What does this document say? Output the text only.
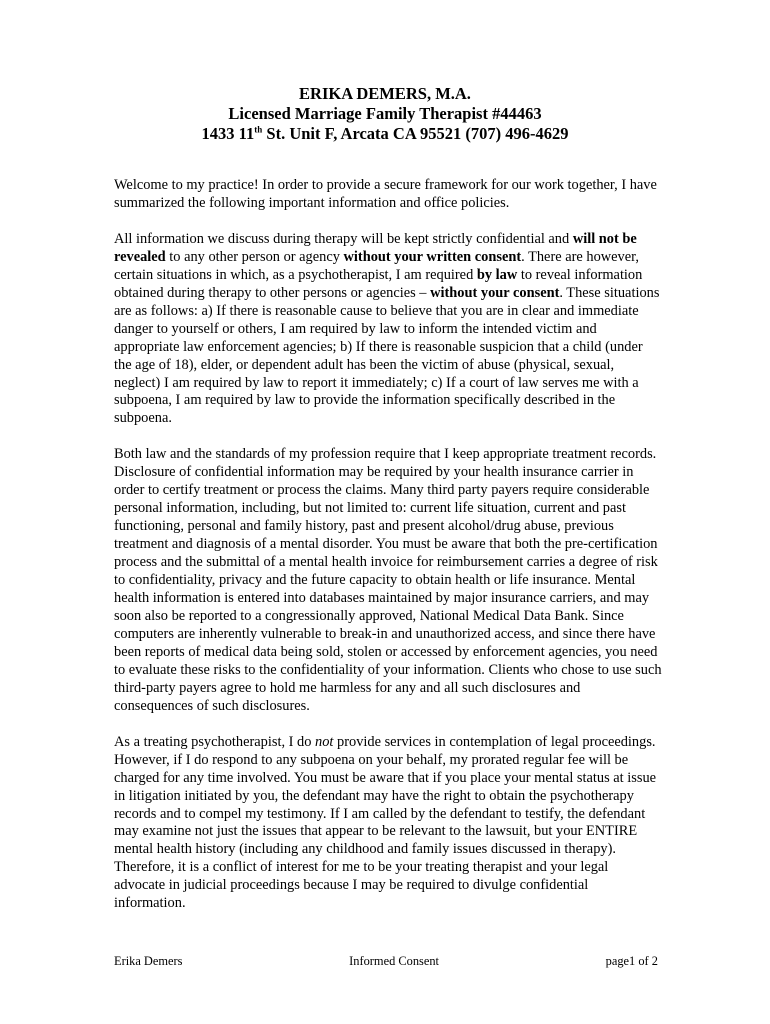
ERIKA DEMERS, M.A.
Licensed Marriage Family Therapist #44463
1433 11th St. Unit F, Arcata CA 95521 (707) 496-4629

Welcome to my practice! In order to provide a secure framework for our work together, I have summarized the following important information and office policies.

All information we discuss during therapy will be kept strictly confidential and will not be revealed to any other person or agency without your written consent. There are however, certain situations in which, as a psychotherapist, I am required by law to reveal information obtained during therapy to other persons or agencies – without your consent. These situations are as follows: a) If there is reasonable cause to believe that you are in clear and immediate danger to yourself or others, I am required by law to inform the intended victim and appropriate law enforcement agencies; b) If there is reasonable suspicion that a child (under the age of 18), elder, or dependent adult has been the victim of abuse (physical, sexual, neglect) I am required by law to report it immediately; c) If a court of law serves me with a subpoena, I am required by law to provide the information specifically described in the subpoena.

Both law and the standards of my profession require that I keep appropriate treatment records. Disclosure of confidential information may be required by your health insurance carrier in order to certify treatment or process the claims. Many third party payers require considerable personal information, including, but not limited to: current life situation, current and past functioning, personal and family history, past and present alcohol/drug abuse, previous treatment and diagnosis of a mental disorder. You must be aware that both the pre-certification process and the submittal of a mental health invoice for reimbursement carries a degree of risk to confidentiality, privacy and the future capacity to obtain health or life insurance. Mental health information is entered into databases maintained by major insurance carriers, and may soon also be reported to a congressionally approved, National Medical Data Bank. Since computers are inherently vulnerable to break-in and unauthorized access, and since there have been reports of medical data being sold, stolen or accessed by enforcement agencies, you need to evaluate these risks to the confidentiality of your information. Clients who chose to use such third-party payers agree to hold me harmless for any and all such disclosures and consequences of such disclosures.

As a treating psychotherapist, I do not provide services in contemplation of legal proceedings. However, if I do respond to any subpoena on your behalf, my prorated regular fee will be charged for any time involved. You must be aware that if you place your mental status at issue in litigation initiated by you, the defendant may have the right to obtain the psychotherapy records and to compel my testimony. If I am called by the defendant to testify, the defendant may examine not just the issues that appear to be relevant to the lawsuit, but your ENTIRE mental health history (including any childhood and family issues discussed in therapy). Therefore, it is a conflict of interest for me to be your treating therapist and your legal advocate in judicial proceedings because I may be required to divulge confidential information.

Erika Demers	Informed Consent	page1 of 2
